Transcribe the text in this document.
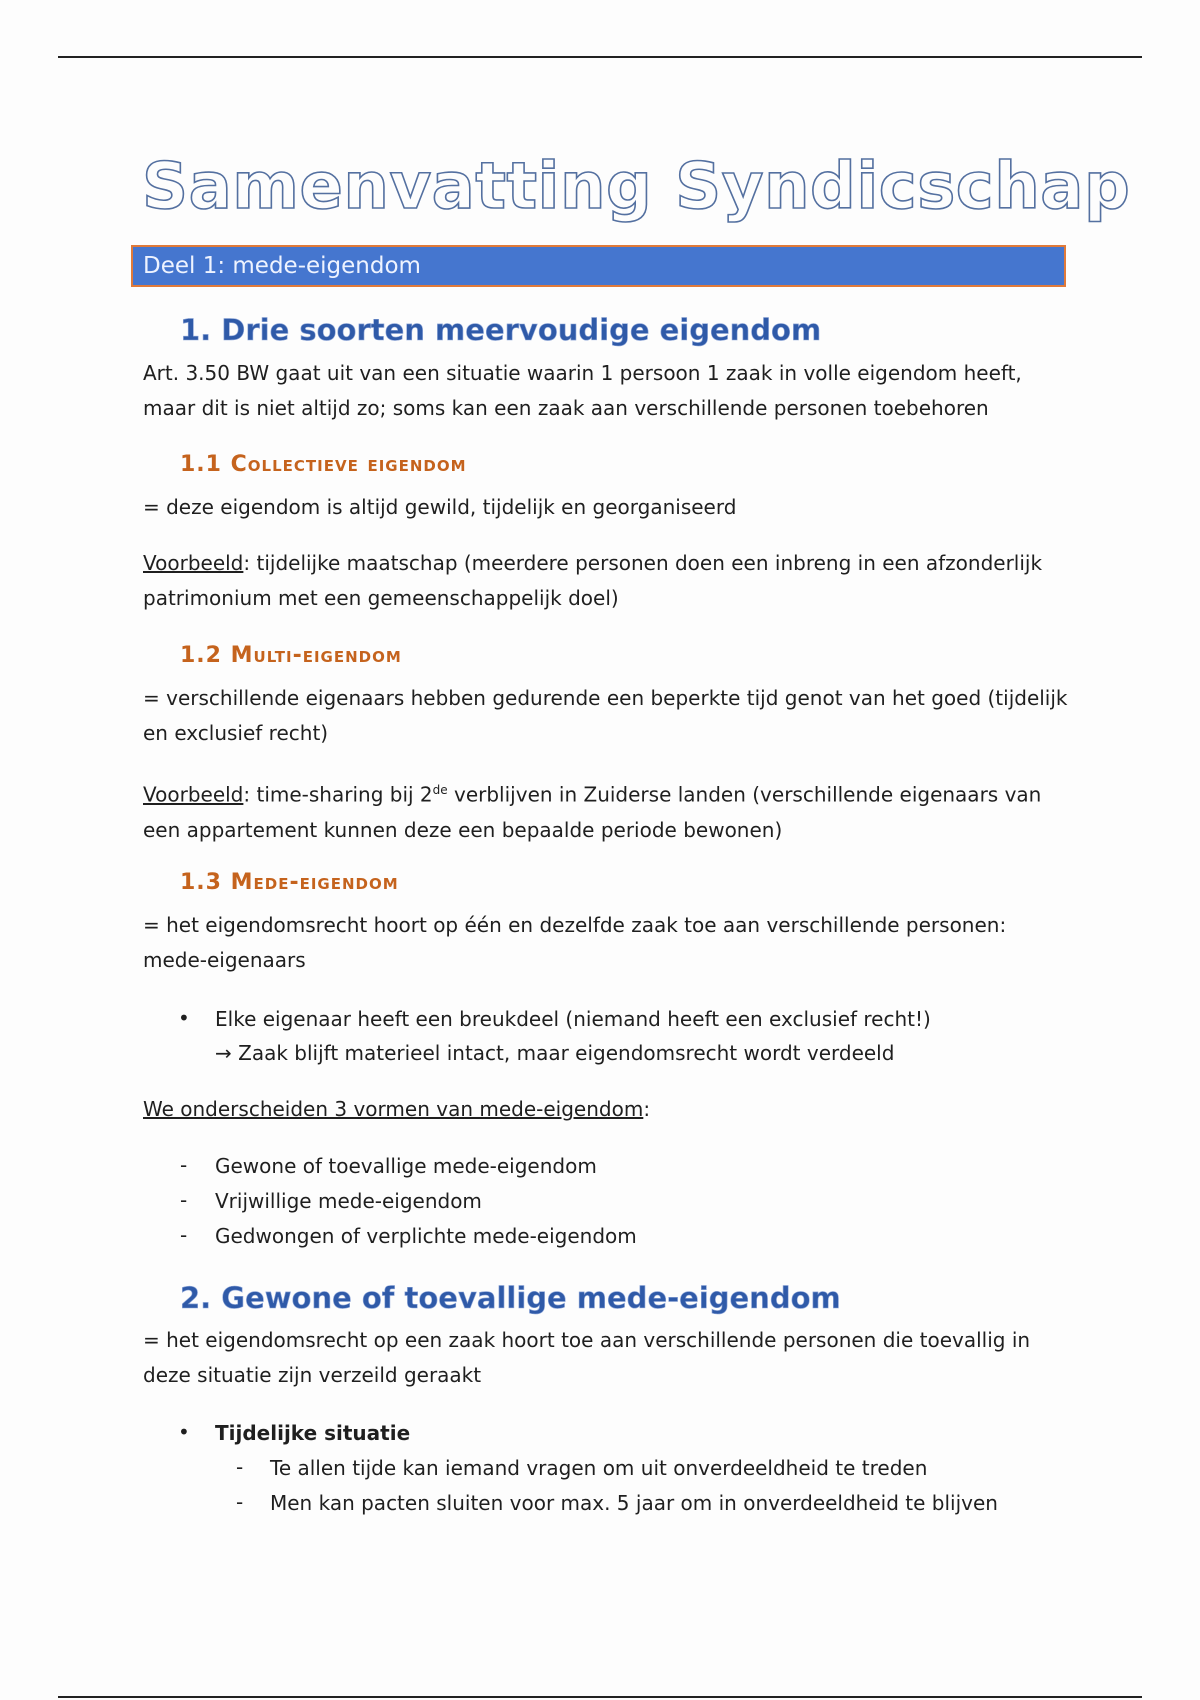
Samenvatting Syndicschap
Deel 1: mede-eigendom
1. Drie soorten meervoudige eigendom

Art. 3.50 BW gaat uit van een situatie waarin 1 persoon 1 zaak in volle eigendom heeft, maar dit is niet altijd zo; soms kan een zaak aan verschillende personen toebehoren

1.1 Collectieve eigendom

= deze eigendom is altijd gewild, tijdelijk en georganiseerd

Voorbeeld: tijdelijke maatschap (meerdere personen doen een inbreng in een afzonderlijk patrimonium met een gemeenschappelijk doel)

1.2 Multi-eigendom

= verschillende eigenaars hebben gedurende een beperkte tijd genot van het goed (tijdelijk en exclusief recht)

Voorbeeld: time-sharing bij 2de verblijven in Zuiderse landen (verschillende eigenaars van een appartement kunnen deze een bepaalde periode bewonen)

1.3 Mede-eigendom

= het eigendomsrecht hoort op één en dezelfde zaak toe aan verschillende personen: mede-eigenaars

• Elke eigenaar heeft een breukdeel (niemand heeft een exclusief recht!)
→ Zaak blijft materieel intact, maar eigendomsrecht wordt verdeeld

We onderscheiden 3 vormen van mede-eigendom:

- Gewone of toevallige mede-eigendom
- Vrijwillige mede-eigendom
- Gedwongen of verplichte mede-eigendom
2. Gewone of toevallige mede-eigendom

= het eigendomsrecht op een zaak hoort toe aan verschillende personen die toevallig in deze situatie zijn verzeild geraakt

• Tijdelijke situatie
- Te allen tijde kan iemand vragen om uit onverdeeldheid te treden
- Men kan pacten sluiten voor max. 5 jaar om in onverdeeldheid te blijven
